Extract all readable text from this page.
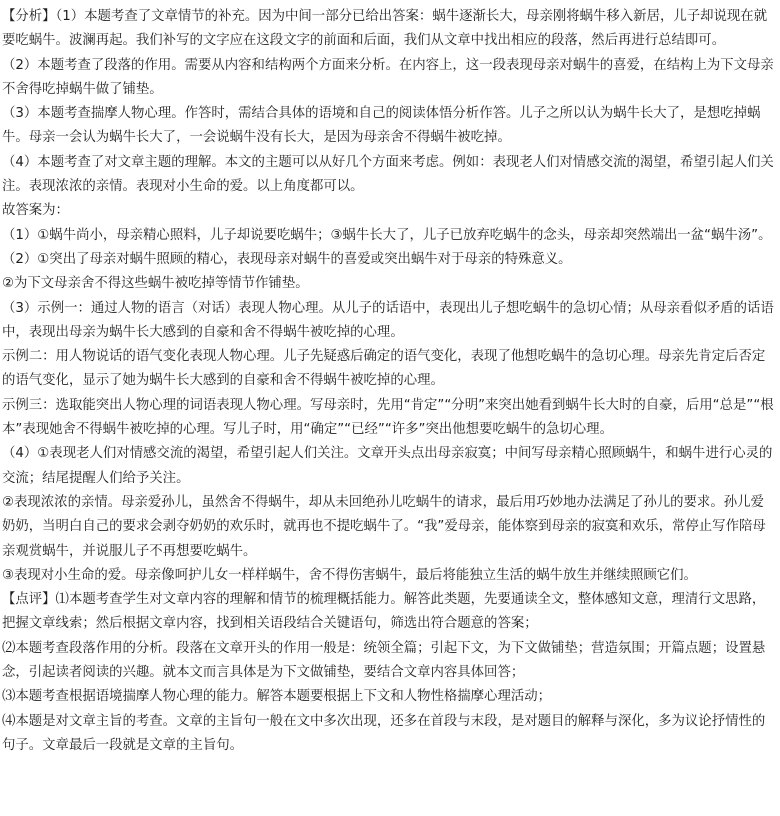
【分析】（1）本题考查了文章情节的补充。因为中间一部分已给出答案：蜗牛逐渐长大，母亲刚将蜗牛移入新居，儿子却说现在就要吃蜗牛。波澜再起。我们补写的文字应在这段文字的前面和后面，我们从文章中找出相应的段落，然后再进行总结即可。

（2）本题考查了段落的作用。需要从内容和结构两个方面来分析。在内容上，这一段表现母亲对蜗牛的喜爱，在结构上为下文母亲不舍得吃掉蜗牛做了铺垫。

（3）本题考查揣摩人物心理。作答时，需结合具体的语境和自己的阅读体悟分析作答。儿子之所以认为蜗牛长大了，是想吃掉蜗牛。母亲一会认为蜗牛长大了，一会说蜗牛没有长大，是因为母亲舍不得蜗牛被吃掉。

（4）本题考查了对文章主题的理解。本文的主题可以从好几个方面来考虑。例如：表现老人们对情感交流的渴望，希望引起人们关注。表现浓浓的亲情。表现对小生命的爱。以上角度都可以。

故答案为：

（1）①蜗牛尚小，母亲精心照料，儿子却说要吃蜗牛；③蜗牛长大了，儿子已放弃吃蜗牛的念头，母亲却突然端出一盆“蜗牛汤”。

（2）①突出了母亲对蜗牛照顾的精心，表现母亲对蜗牛的喜爱或突出蜗牛对于母亲的特殊意义。

②为下文母亲舍不得这些蜗牛被吃掉等情节作铺垫。

（3）示例一：通过人物的语言（对话）表现人物心理。从儿子的话语中，表现出儿子想吃蜗牛的急切心情；从母亲看似矛盾的话语中，表现出母亲为蜗牛长大感到的自豪和舍不得蜗牛被吃掉的心理。

示例二：用人物说话的语气变化表现人物心理。儿子先疑惑后确定的语气变化，表现了他想吃蜗牛的急切心理。母亲先肯定后否定的语气变化，显示了她为蜗牛长大感到的自豪和舍不得蜗牛被吃掉的心理。

示例三：选取能突出人物心理的词语表现人物心理。写母亲时，先用“肯定”“分明”来突出她看到蜗牛长大时的自豪，后用“总是”“根本”表现她舍不得蜗牛被吃掉的心理。写儿子时，用“确定”“已经”“许多”突出他想要吃蜗牛的急切心理。

（4）①表现老人们对情感交流的渴望，希望引起人们关注。文章开头点出母亲寂寞；中间写母亲精心照顾蜗牛，和蜗牛进行心灵的交流；结尾提醒人们给予关注。

②表现浓浓的亲情。母亲爱孙儿，虽然舍不得蜗牛，却从未回绝孙儿吃蜗牛的请求，最后用巧妙地办法满足了孙儿的要求。孙儿爱奶奶，当明白自己的要求会剥夺奶奶的欢乐时，就再也不提吃蜗牛了。“我”爱母亲，能体察到母亲的寂寞和欢乐，常停止写作陪母亲观赏蜗牛，并说服儿子不再想要吃蜗牛。

③表现对小生命的爱。母亲像呵护儿女一样样蜗牛，舍不得伤害蜗牛，最后将能独立生活的蜗牛放生并继续照顾它们。

【点评】⑴本题考查学生对文章内容的理解和情节的梳理概括能力。解答此类题，先要通读全文，整体感知文意，理清行文思路，把握文章线索；然后根据文章内容，找到相关语段结合关键语句，筛选出符合题意的答案；

⑵本题考查段落作用的分析。段落在文章开头的作用一般是：统领全篇；引起下文，为下文做铺垫；营造氛围；开篇点题；设置悬念，引起读者阅读的兴趣。就本文而言具体是为下文做铺垫，要结合文章内容具体回答；

⑶本题考查根据语境揣摩人物心理的能力。解答本题要根据上下文和人物性格揣摩心理活动；

⑷本题是对文章主旨的考查。文章的主旨句一般在文中多次出现，还多在首段与末段，是对题目的解释与深化，多为议论抒情性的句子。文章最后一段就是文章的主旨句。
